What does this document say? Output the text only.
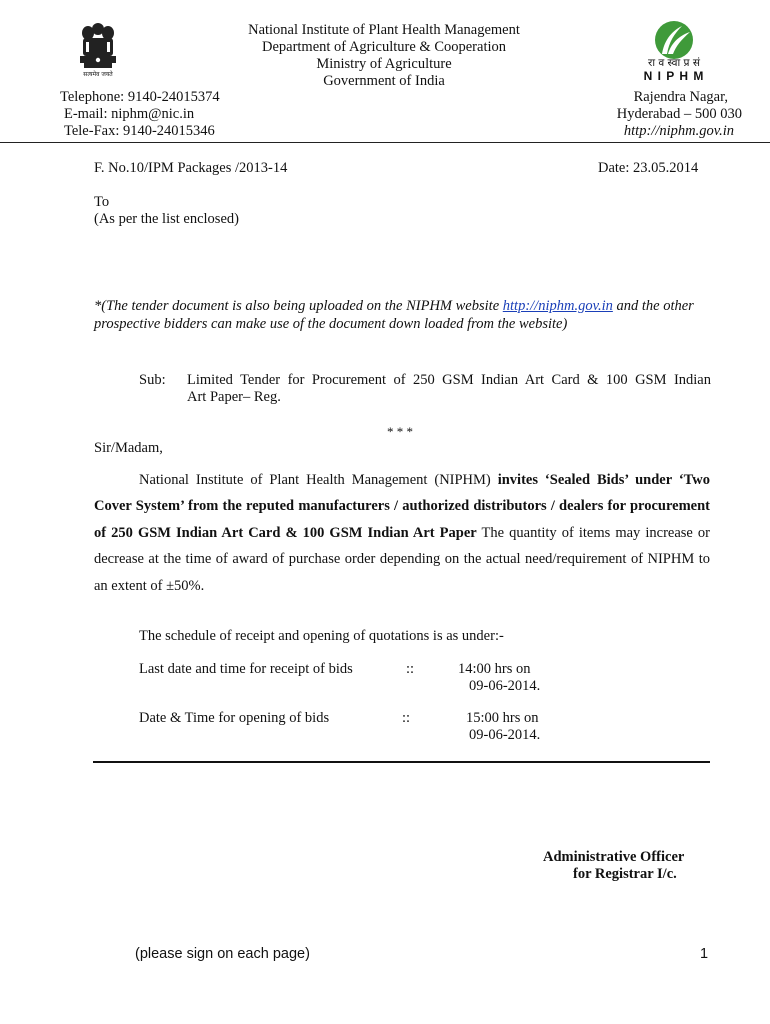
सत्यमेव जयते
National Institute of Plant Health Management
Department of Agriculture & Cooperation
Ministry of Agriculture
Government of India
रा व स्वा प्र सं
N I P H M
Telephone: 9140-24015374
E-mail: niphm@nic.in
Tele-Fax: 9140-24015346
Rajendra Nagar,
Hyderabad – 500 030
http://niphm.gov.in
F. No.10/IPM Packages /2013-14	Date: 23.05.2014
To
(As per the list enclosed)
*(The tender document is also being uploaded on the NIPHM website http://niphm.gov.in and the other prospective bidders can make use of the document down loaded from the website)
Sub: Limited Tender for Procurement of 250 GSM Indian Art Card & 100 GSM Indian
Art Paper– Reg.
* * *
Sir/Madam,
National Institute of Plant Health Management (NIPHM) invites ‘Sealed Bids’ under ‘Two Cover System’ from the reputed manufacturers / authorized distributors / dealers for procurement of 250 GSM Indian Art Card & 100 GSM Indian Art Paper The quantity of items may increase or decrease at the time of award of purchase order depending on the actual need/requirement of NIPHM to an extent of ±50%.
The schedule of receipt and opening of quotations is as under:-
Last date and time for receipt of bids	::	14:00 hrs on
09-06-2014.
Date & Time for opening of bids	::	15:00 hrs on
09-06-2014.
Administrative Officer
for Registrar I/c.
(please sign on each page)	1
